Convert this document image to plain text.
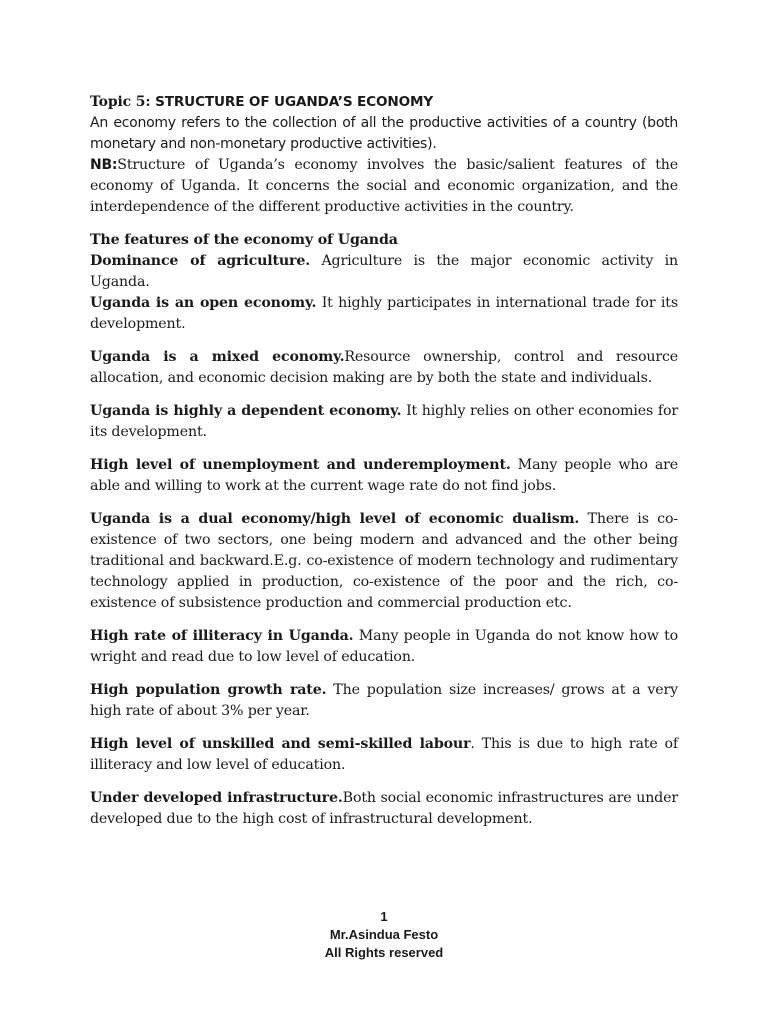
Topic 5: STRUCTURE OF UGANDA’S ECONOMY

An economy refers to the collection of all the productive activities of a country (both monetary and non-monetary productive activities).

NB:Structure of Uganda’s economy involves the basic/salient features of the economy of Uganda. It concerns the social and economic organization, and the interdependence of the different productive activities in the country.

The features of the economy of Uganda

Dominance of agriculture. Agriculture is the major economic activity in Uganda.

Uganda is an open economy. It highly participates in international trade for its development.

Uganda is a mixed economy.Resource ownership, control and resource allocation, and economic decision making are by both the state and individuals.

Uganda is highly a dependent economy. It highly relies on other economies for its development.

High level of unemployment and underemployment. Many people who are able and willing to work at the current wage rate do not find jobs.

Uganda is a dual economy/high level of economic dualism. There is co-existence of two sectors, one being modern and advanced and the other being traditional and backward.E.g. co-existence of modern technology and rudimentary technology applied in production, co-existence of the poor and the rich, co-existence of subsistence production and commercial production etc.

High rate of illiteracy in Uganda. Many people in Uganda do not know how to wright and read due to low level of education.

High population growth rate. The population size increases/ grows at a very high rate of about 3% per year.

High level of unskilled and semi-skilled labour. This is due to high rate of illiteracy and low level of education.

Under developed infrastructure.Both social economic infrastructures are under developed due to the high cost of infrastructural development.

1
Mr.Asindua Festo
All Rights reserved
